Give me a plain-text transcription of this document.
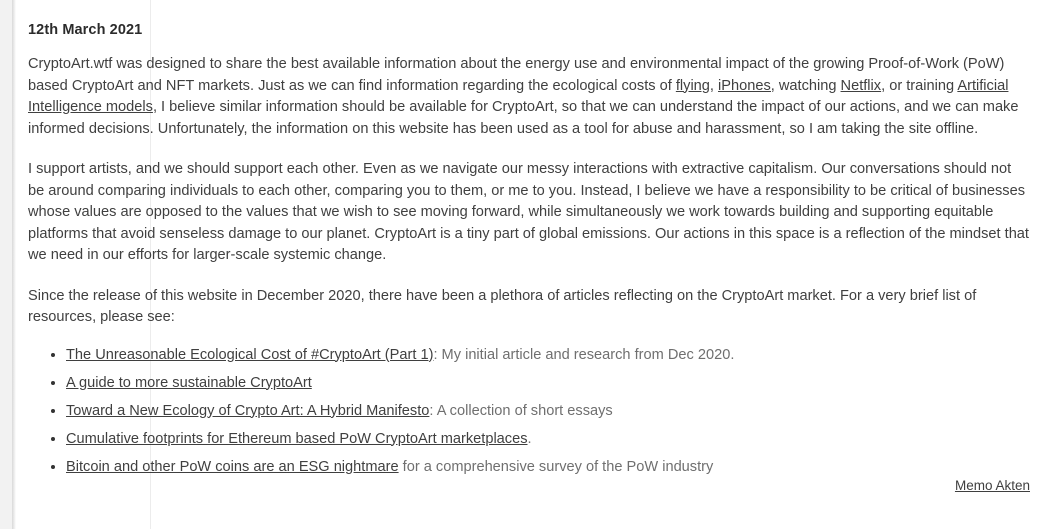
12th March 2021

CryptoArt.wtf was designed to share the best available information about the energy use and environmental impact of the growing Proof-of-Work (PoW) based CryptoArt and NFT markets. Just as we can find information regarding the ecological costs of flying, iPhones, watching Netflix, or training Artificial Intelligence models, I believe similar information should be available for CryptoArt, so that we can understand the impact of our actions, and we can make informed decisions. Unfortunately, the information on this website has been used as a tool for abuse and harassment, so I am taking the site offline.

I support artists, and we should support each other. Even as we navigate our messy interactions with extractive capitalism. Our conversations should not be around comparing individuals to each other, comparing you to them, or me to you. Instead, I believe we have a responsibility to be critical of businesses whose values are opposed to the values that we wish to see moving forward, while simultaneously we work towards building and supporting equitable platforms that avoid senseless damage to our planet. CryptoArt is a tiny part of global emissions. Our actions in this space is a reflection of the mindset that we need in our efforts for larger-scale systemic change.

Since the release of this website in December 2020, there have been a plethora of articles reflecting on the CryptoArt market. For a very brief list of resources, please see:

• The Unreasonable Ecological Cost of #CryptoArt (Part 1): My initial article and research from Dec 2020.
• A guide to more sustainable CryptoArt
• Toward a New Ecology of Crypto Art: A Hybrid Manifesto: A collection of short essays
• Cumulative footprints for Ethereum based PoW CryptoArt marketplaces.
• Bitcoin and other PoW coins are an ESG nightmare for a comprehensive survey of the PoW industry
Memo Akten
